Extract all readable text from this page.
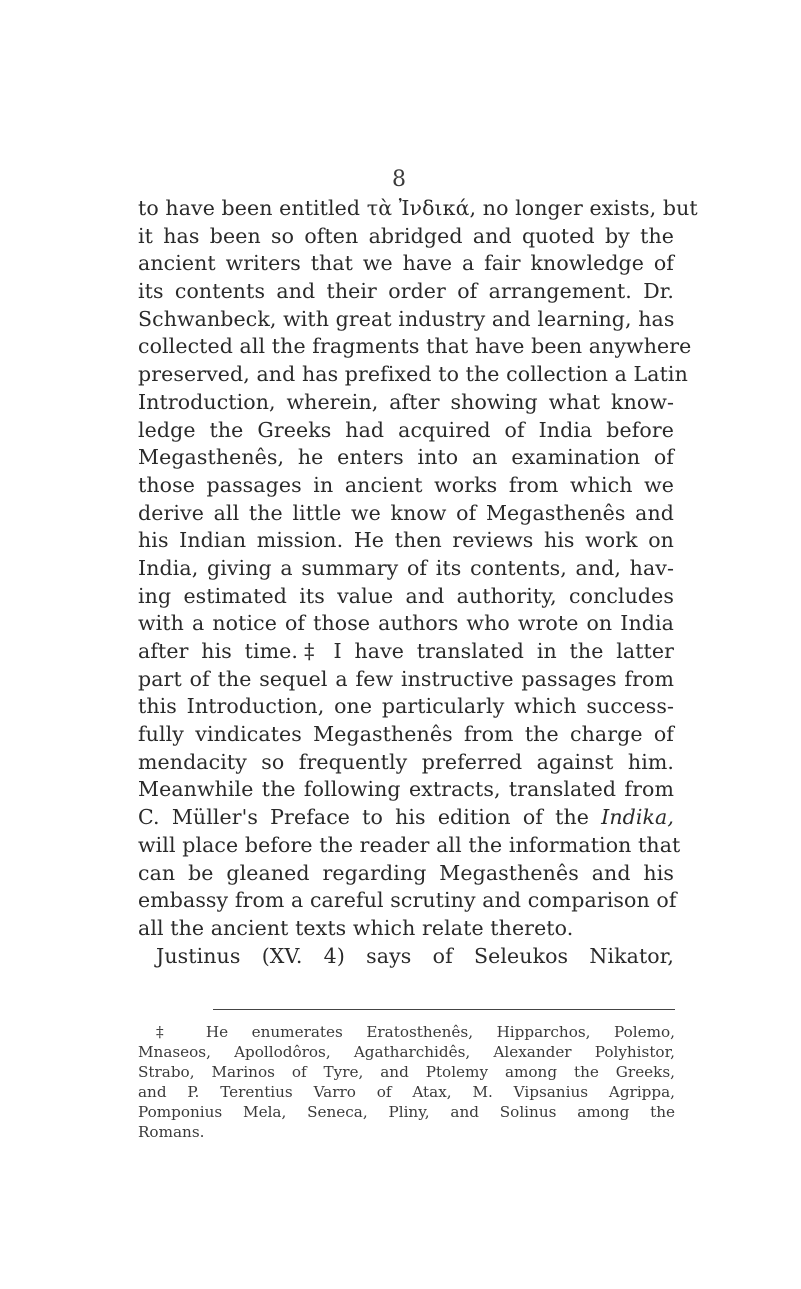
8
to have been entitled τὰ Ἰνδικά, no longer exists, but
it has been so often abridged and quoted by the
ancient writers that we have a fair knowledge of
its contents and their order of arrangement. Dr.
Schwanbeck, with great industry and learning, has
collected all the fragments that have been anywhere
preserved, and has prefixed to the collection a Latin
Introduction, wherein, after showing what know-
ledge the Greeks had acquired of India before
Megasthenês, he enters into an examination of
those passages in ancient works from which we
derive all the little we know of Megasthenês and
his Indian mission. He then reviews his work on
India, giving a summary of its contents, and, hav-
ing estimated its value and authority, concludes
with a notice of those authors who wrote on India
after his time.‡ I have translated in the latter
part of the sequel a few instructive passages from
this Introduction, one particularly which success-
fully vindicates Megasthenês from the charge of
mendacity so frequently preferred against him.
Meanwhile the following extracts, translated from
C. Müller's Preface to his edition of the Indika,
will place before the reader all the information that
can be gleaned regarding Megasthenês and his
embassy from a careful scrutiny and comparison of
all the ancient texts which relate thereto.
Justinus (XV. 4) says of Seleukos Nikator,
‡ He enumerates Eratosthenês, Hipparchos, Polemo,
Mnaseos, Apollodôros, Agatharchidês, Alexander Polyhistor,
Strabo, Marinos of Tyre, and Ptolemy among the Greeks,
and P. Terentius Varro of Atax, M. Vipsanius Agrippa,
Pomponius Mela, Seneca, Pliny, and Solinus among the
Romans.
